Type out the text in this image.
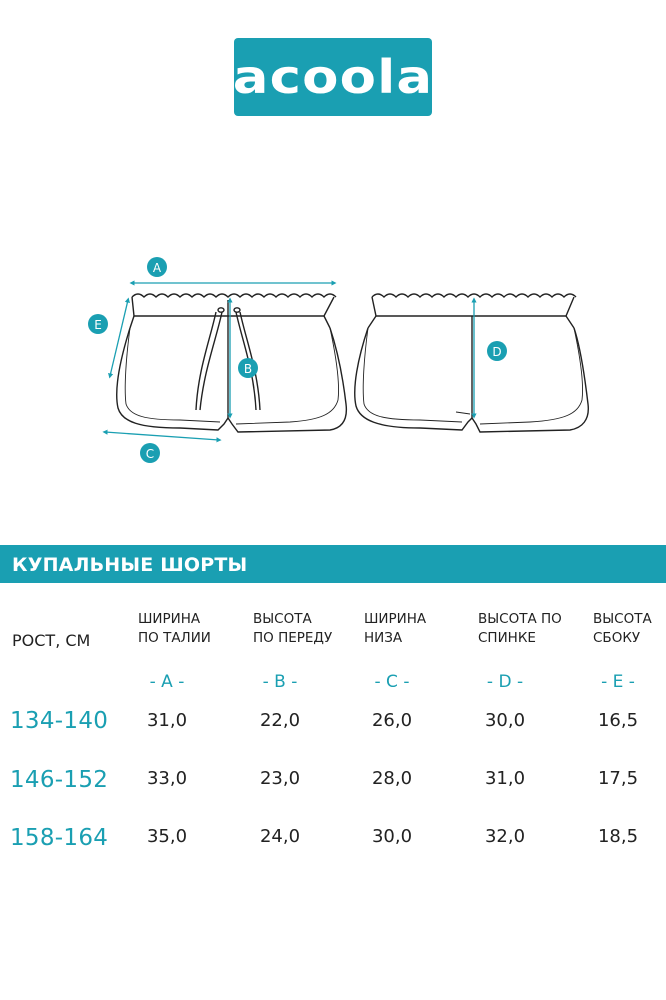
acoola
A
E
B
C
D
КУПАЛЬНЫЕ ШОРТЫ
РОСТ, СМ
ШИРИНА
ПО ТАЛИИ
ВЫСОТА
ПО ПЕРЕДУ
ШИРИНА
НИЗА
ВЫСОТА ПО
СПИНКЕ
ВЫСОТА
СБОКУ
- A -	- B -	- C -	- D -	- E -
134-140	31,0	22,0	26,0	30,0	16,5
146-152	33,0	23,0	28,0	31,0	17,5
158-164	35,0	24,0	30,0	32,0	18,5
